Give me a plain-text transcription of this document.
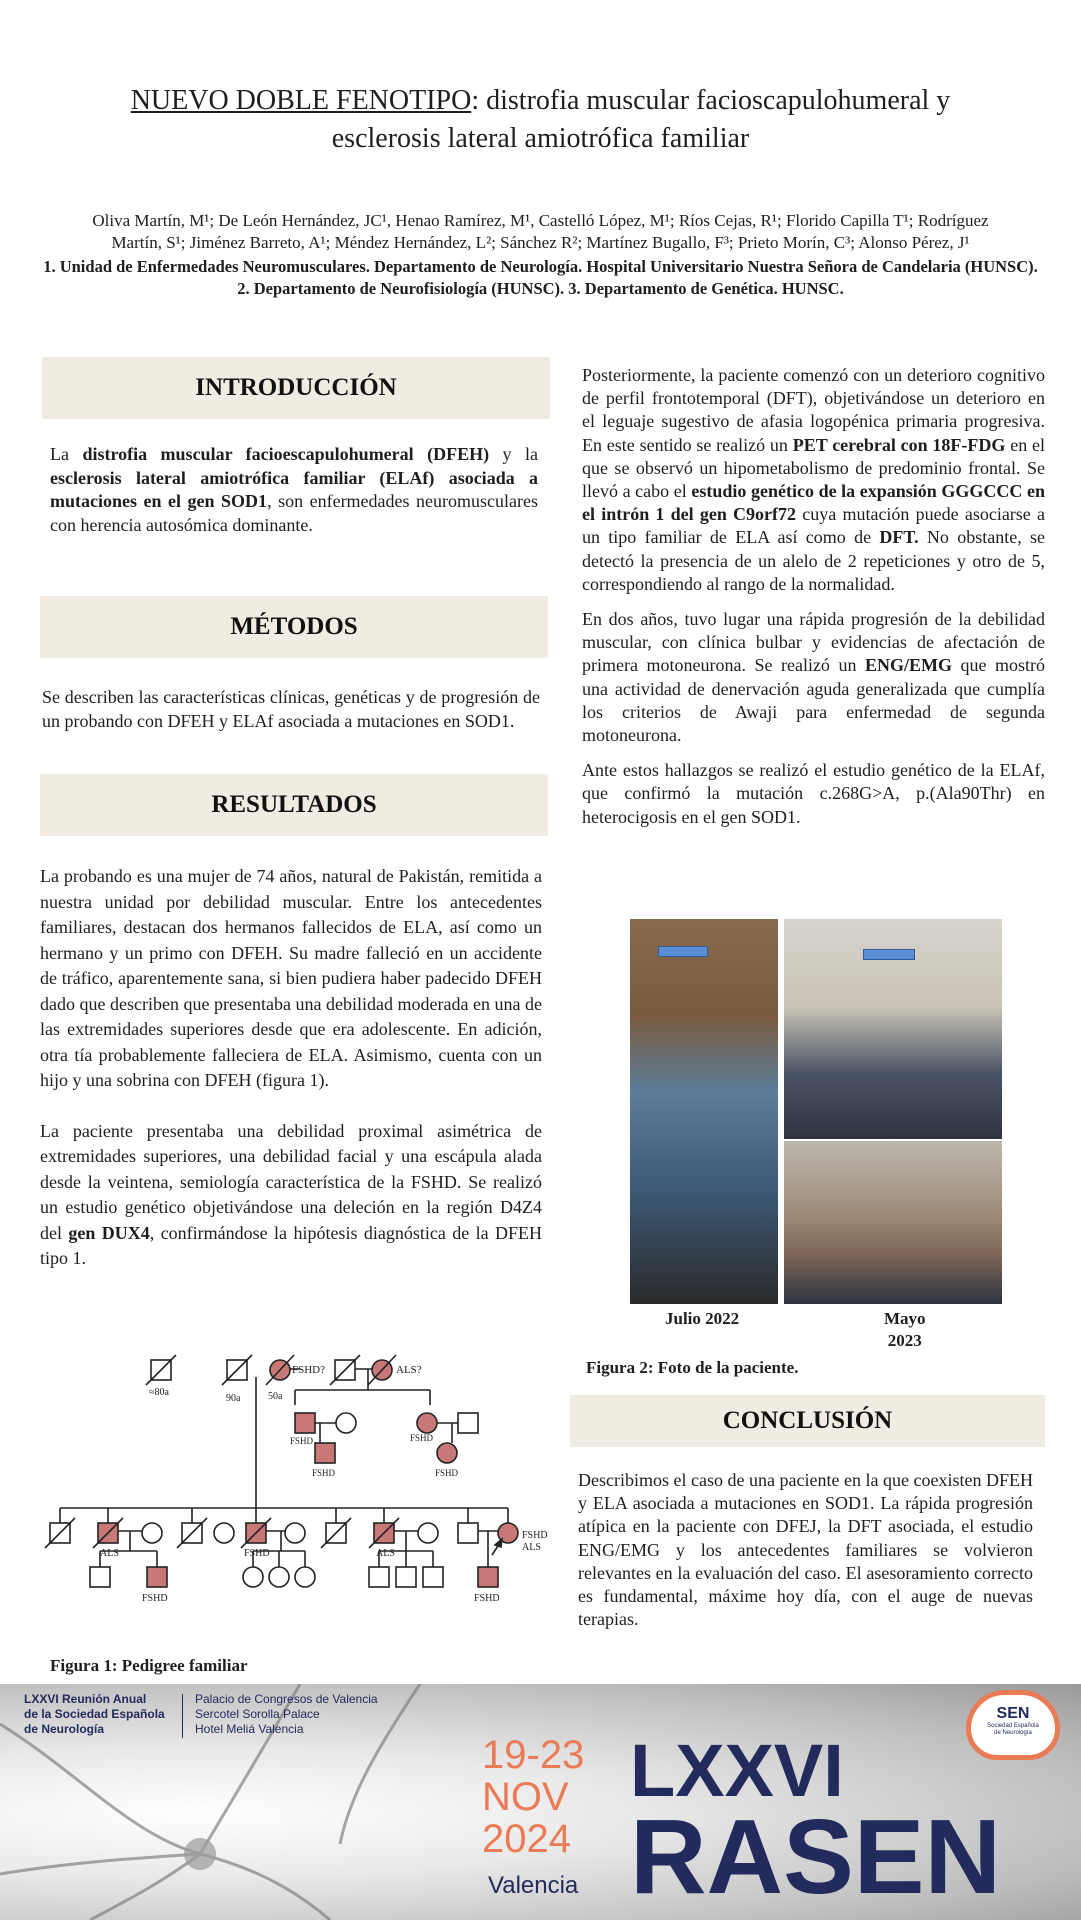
NUEVO DOBLE FENOTIPO: distrofia muscular facioscapulohumeral y
esclerosis lateral amiotrófica familiar
Oliva Martín, M¹; De León Hernández, JC¹, Henao Ramírez, M¹, Castelló López, M¹; Ríos Cejas, R¹; Florido Capilla T¹; Rodríguez
Martín, S¹; Jiménez Barreto, A¹; Méndez Hernández, L²; Sánchez R²; Martínez Bugallo, F³; Prieto Morín, C³; Alonso Pérez, J¹
1. Unidad de Enfermedades Neuromusculares. Departamento de Neurología. Hospital Universitario Nuestra Señora de Candelaria (HUNSC). 2. Departamento de Neurofisiología (HUNSC). 3. Departamento de Genética. HUNSC.
INTRODUCCIÓN

La distrofia muscular facioescapulohumeral (DFEH) y la esclerosis lateral amiotrófica familiar (ELAf) asociada a mutaciones en el gen SOD1, son enfermedades neuromusculares con herencia autosómica dominante.

MÉTODOS

Se describen las características clínicas, genéticas y de progresión de un probando con DFEH y ELAf asociada a mutaciones en SOD1.

RESULTADOS

La probando es una mujer de 74 años, natural de Pakistán, remitida a nuestra unidad por debilidad muscular. Entre los antecedentes familiares, destacan dos hermanos fallecidos de ELA, así como un hermano y un primo con DFEH. Su madre falleció en un accidente de tráfico, aparentemente sana, si bien pudiera haber padecido DFEH dado que describen que presentaba una debilidad moderada en una de las extremidades superiores desde que era adolescente. En adición, otra tía probablemente falleciera de ELA. Asimismo, cuenta con un hijo y una sobrina con DFEH (figura 1).

La paciente presentaba una debilidad proximal asimétrica de extremidades superiores, una debilidad facial y una escápula alada desde la veintena, semiología característica de la FSHD. Se realizó un estudio genético objetivándose una deleción en la región D4Z4 del gen DUX4, confirmándose la hipótesis diagnóstica de la DFEH tipo 1.

≈80a
90a	50a
FSHD?	ALS?
FSHD
FSHD
FSHD
FSHD
ALS	FSHD	ALS
FSHD
ALS
FSHD	FSHD
Figura 1: Pedigree familiar

Posteriormente, la paciente comenzó con un deterioro cognitivo de perfil frontotemporal (DFT), objetivándose un deterioro en el leguaje sugestivo de afasia logopénica primaria progresiva. En este sentido se realizó un PET cerebral con 18F-FDG en el que se observó un hipometabolismo de predominio frontal. Se llevó a cabo el estudio genético de la expansión GGGCCC en el intrón 1 del gen C9orf72 cuya mutación puede asociarse a un tipo familiar de ELA así como de DFT. No obstante, se detectó la presencia de un alelo de 2 repeticiones y otro de 5, correspondiendo al rango de la normalidad.

En dos años, tuvo lugar una rápida progresión de la debilidad muscular, con clínica bulbar y evidencias de afectación de primera motoneurona. Se realizó un ENG/EMG que mostró una actividad de denervación aguda generalizada que cumplía los criterios de Awaji para enfermedad de segunda motoneurona.

Ante estos hallazgos se realizó el estudio genético de la ELAf, que confirmó la mutación c.268G>A, p.(Ala90Thr) en heterocigosis en el gen SOD1.

Julio 2022	Mayo
2023
Figura 2: Foto de la paciente.
CONCLUSIÓN

Describimos el caso de una paciente en la que coexisten DFEH y ELA asociada a mutaciones en SOD1. La rápida progresión atípica en la paciente con DFEJ, la DFT asociada, el estudio ENG/EMG y los antecedentes familiares se volvieron relevantes en la evaluación del caso. El asesoramiento correcto es fundamental, máxime hoy día, con el auge de nuevas terapias.

LXXVI Reunión Anual
de la Sociedad Española
de Neurología
Palacio de Congresos de Valencia
Sercotel Sorolla Palace
Hotel Meliá Valencia
19-23
NOV
2024
Valencia
LXXVI
RASEN
SEN
Sociedad Española
de Neurología
